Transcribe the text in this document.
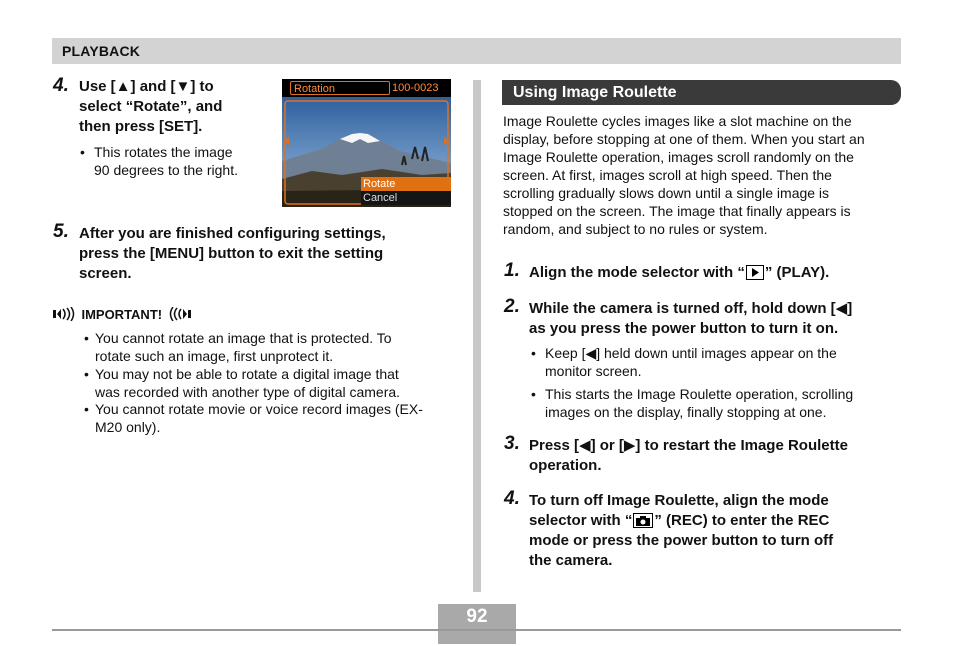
PLAYBACK
4. Use [▲] and [▼] to
select “Rotate”, and
then press [SET].
• This rotates the image
90 degrees to the right.
Rotation	100-0023
Rotate
Cancel
5. After you are finished configuring settings,
press the [MENU] button to exit the setting
screen.
IMPORTANT!
• You cannot rotate an image that is protected. To
rotate such an image, first unprotect it.
• You may not be able to rotate a digital image that
was recorded with another type of digital camera.
• You cannot rotate movie or voice record images (EX-
M20 only).
Using Image Roulette
Image Roulette cycles images like a slot machine on the
display, before stopping at one of them. When you start an
Image Roulette operation, images scroll randomly on the
screen. At first, images scroll at high speed. Then the
scrolling gradually slows down until a single image is
stopped on the screen. The image that finally appears is
random, and subject to no rules or system.
1. Align the mode selector with “ ” (PLAY).
2. While the camera is turned off, hold down [◀]
as you press the power button to turn it on.
• Keep [◀] held down until images appear on the
monitor screen.
• This starts the Image Roulette operation, scrolling
images on the display, finally stopping at one.
3. Press [◀] or [▶] to restart the Image Roulette
operation.
4. To turn off Image Roulette, align the mode
selector with “ ” (REC) to enter the REC
mode or press the power button to turn off
the camera.
92
